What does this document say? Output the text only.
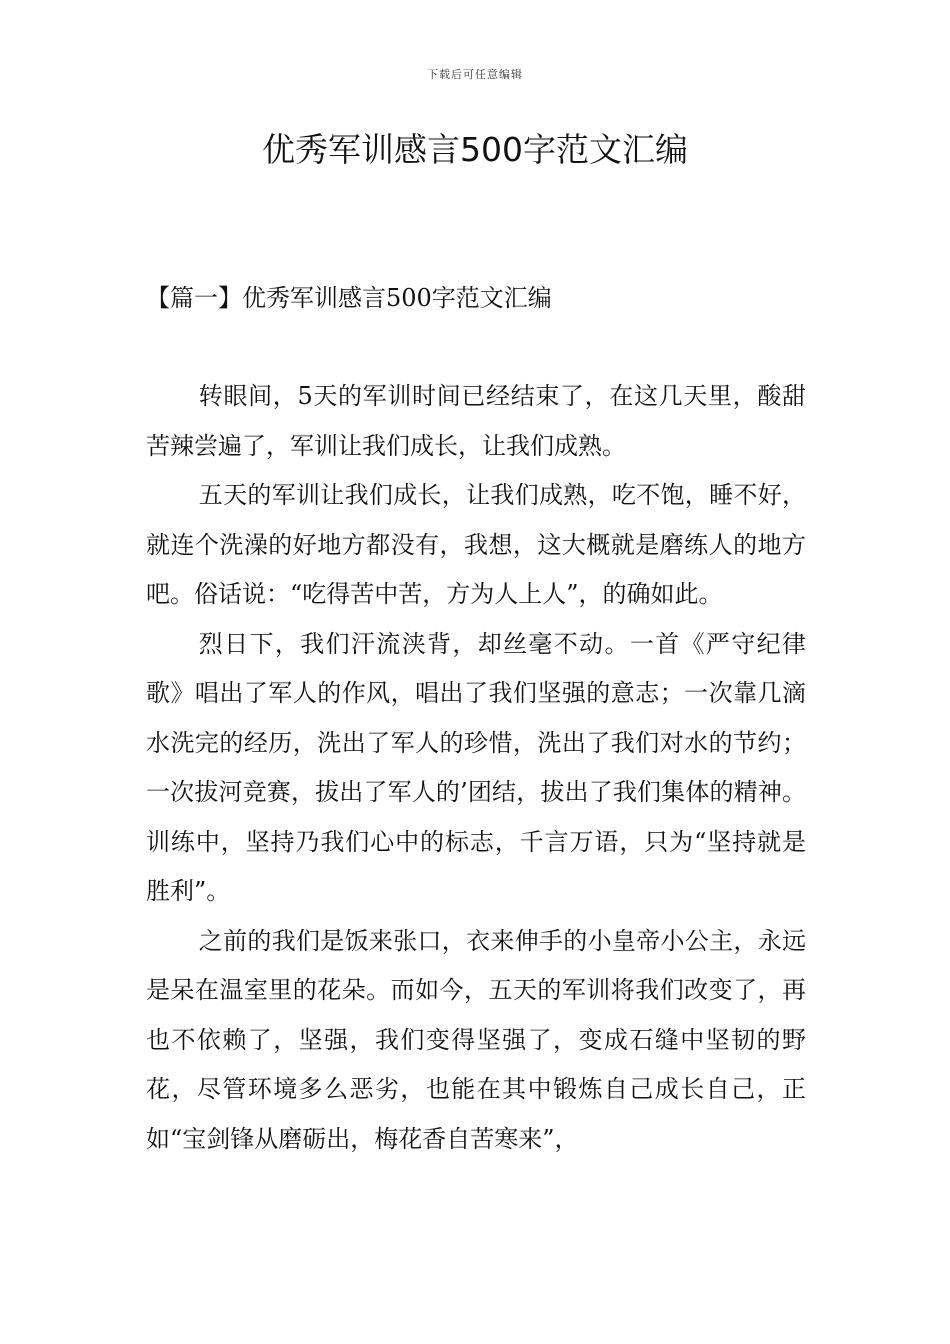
下载后可任意编辑
优秀军训感言500字范文汇编
【篇一】优秀军训感言500字范文汇编

转眼间，5天的军训时间已经结束了，在这几天里，酸甜苦辣尝遍了，军训让我们成长，让我们成熟。

五天的军训让我们成长，让我们成熟，吃不饱，睡不好，就连个洗澡的好地方都没有，我想，这大概就是磨练人的地方吧。俗话说：“吃得苦中苦，方为人上人”，的确如此。

烈日下，我们汗流浃背，却丝毫不动。一首《严守纪律歌》唱出了军人的作风，唱出了我们坚强的意志；一次靠几滴水洗完的经历，洗出了军人的珍惜，洗出了我们对水的节约；一次拔河竞赛，拔出了军人的’团结，拔出了我们集体的精神。训练中，坚持乃我们心中的标志，千言万语，只为“坚持就是胜利”。

之前的我们是饭来张口，衣来伸手的小皇帝小公主，永远是呆在温室里的花朵。而如今，五天的军训将我们改变了，再也不依赖了，坚强，我们变得坚强了，变成石缝中坚韧的野花，尽管环境多么恶劣，也能在其中锻炼自己成长自己，正如“宝剑锋从磨砺出，梅花香自苦寒来”，
